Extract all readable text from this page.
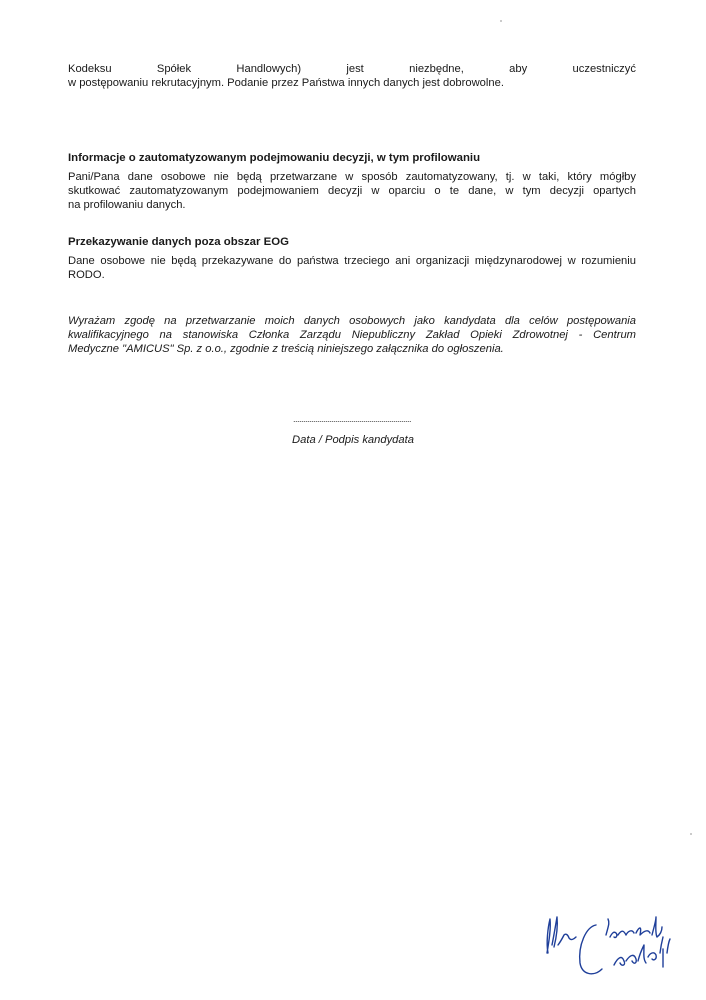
Kodeksu	Spółek	Handlowych)	jest	niezbędne,	aby	uczestniczyć
w postępowaniu rekrutacyjnym. Podanie przez Państwa innych danych jest dobrowolne.
Informacje o zautomatyzowanym podejmowaniu decyzji, w tym profilowaniu
Pani/Pana dane osobowe nie będą przetwarzane w sposób zautomatyzowany, tj. w taki, który mógłby
skutkować zautomatyzowanym podejmowaniem decyzji w oparciu o te dane, w tym decyzji opartych
na profilowaniu danych.
Przekazywanie danych poza obszar EOG
Dane osobowe nie będą przekazywane do państwa trzeciego ani organizacji międzynarodowej w rozumieniu
RODO.
Wyrażam zgodę na przetwarzanie moich danych osobowych jako kandydata dla celów postępowania
kwalifikacyjnego na stanowiska Członka Zarządu Niepubliczny Zakład Opieki Zdrowotnej - Centrum
Medyczne "AMICUS" Sp. z o.o., zgodnie z treścią niniejszego załącznika do ogłoszenia.
...........................................................
Data / Podpis kandydata
